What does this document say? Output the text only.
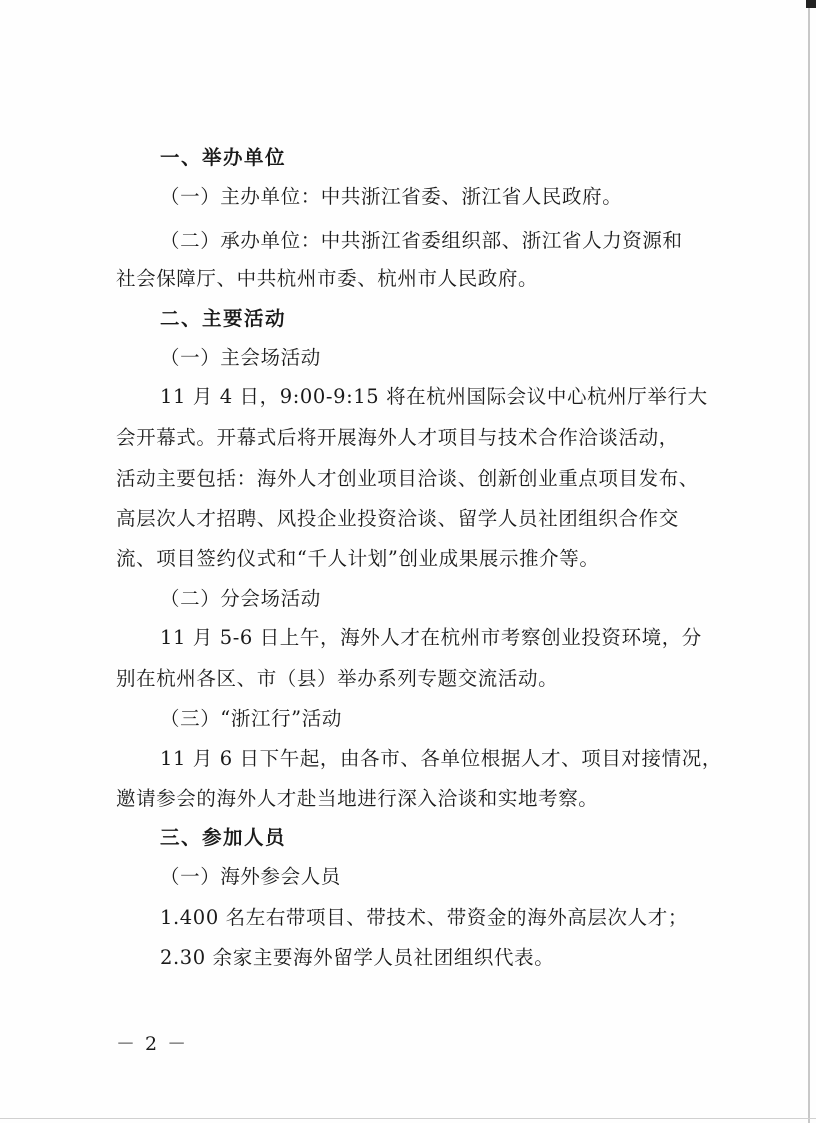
一、举办单位
（一）主办单位：中共浙江省委、浙江省人民政府。
（二）承办单位：中共浙江省委组织部、浙江省人力资源和
社会保障厅、中共杭州市委、杭州市人民政府。
二、主要活动
（一）主会场活动
11 月 4 日，9:00-9:15 将在杭州国际会议中心杭州厅举行大
会开幕式。开幕式后将开展海外人才项目与技术合作洽谈活动，
活动主要包括：海外人才创业项目洽谈、创新创业重点项目发布、
高层次人才招聘、风投企业投资洽谈、留学人员社团组织合作交
流、项目签约仪式和“千人计划”创业成果展示推介等。
（二）分会场活动
11 月 5-6 日上午，海外人才在杭州市考察创业投资环境，分
别在杭州各区、市（县）举办系列专题交流活动。
（三）“浙江行”活动
11 月 6 日下午起，由各市、各单位根据人才、项目对接情况，
邀请参会的海外人才赴当地进行深入洽谈和实地考察。
三、参加人员
（一）海外参会人员
1.400 名左右带项目、带技术、带资金的海外高层次人才；
2.30 余家主要海外留学人员社团组织代表。
－ 2 －
